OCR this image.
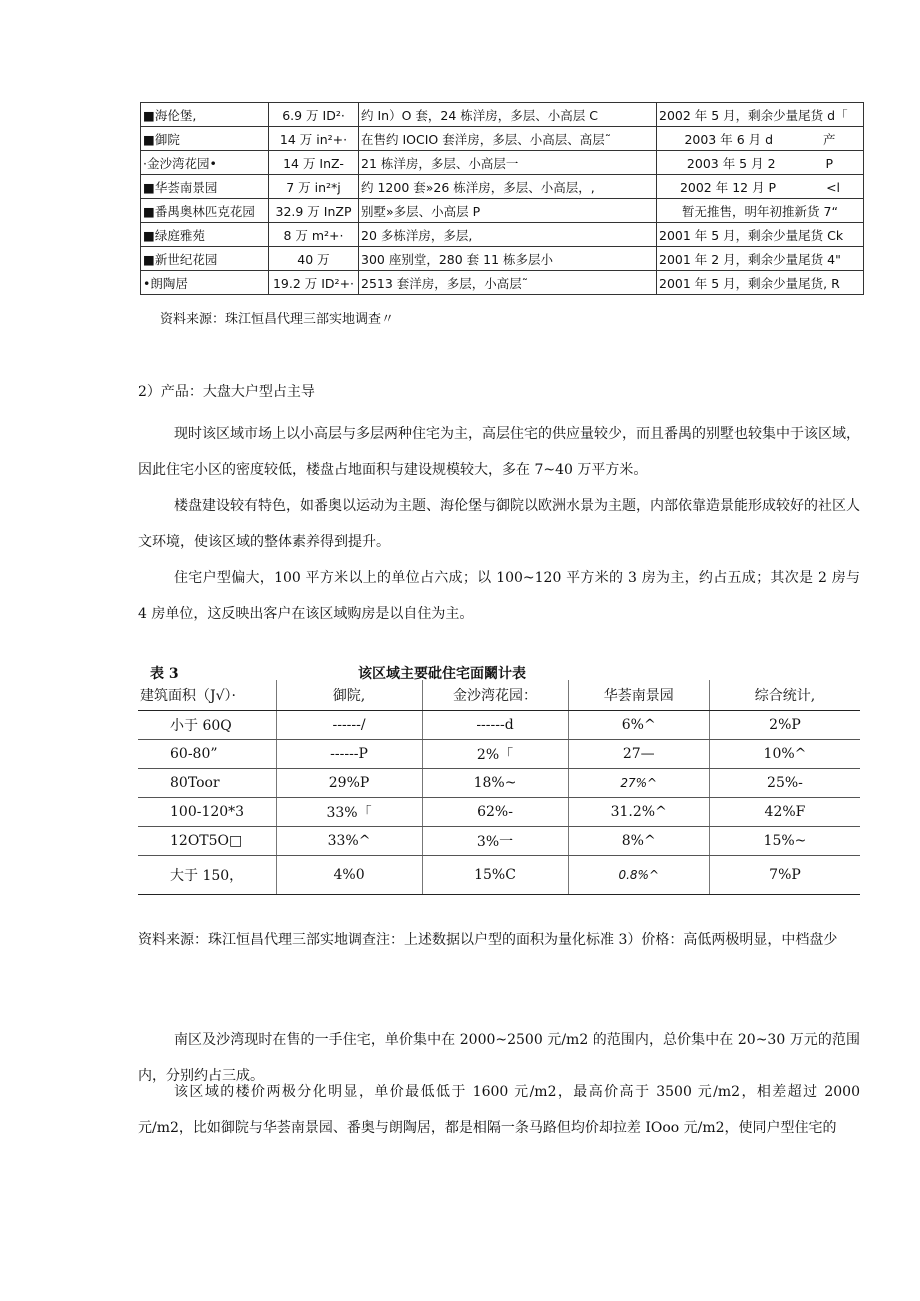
■海伦堡,	6.9 万 ID²·	约 In）O 套，24 栋洋房，多层、小高层 C	2002 年 5 月，剩余少量尾货 d「
■御院	14 万 in²+·	在售约 IOCIO 套洋房，多层、小高层、高层˜	2003 年 6 月 d　　　　产
·金沙湾花园•	14 万 InZ-	21 栋洋房，多层、小高层一	2003 年 5 月 2　　　　P
■华荟南景园	7 万 in²*j	约 1200 套»26 栋洋房，多层、小高层，,	2002 年 12 月 P　　　　<l
■番禺奥林匹克花园	32.9 万 InZP	别墅»多层、小高层 P	暂无推售，明年初推新货 7“
■绿庭雅苑	8 万 m²+·	20 多栋洋房，多层,	2001 年 5 月，剩余少量尾货 Ck
■新世纪花园	40 万	300 座别堂，280 套 11 栋多层小	2001 年 2 月，剩余少量尾货 4"
•朗陶居	19.2 万 ID²+·	2513 套洋房，多层，小高层˜	2001 年 5 月，剩余少量尾货, R
资料来源：珠江恒昌代理三部实地调查〃
2）产品：大盘大户型占主导

现时该区域市场上以小高层与多层两种住宅为主，高层住宅的供应量较少，而且番禺的别墅也较集中于该区域，因此住宅小区的密度较低，楼盘占地面积与建设规模较大，多在 7~40 万平方米。

楼盘建设较有特色，如番奥以运动为主题、海伦堡与御院以欧洲水景为主题，内部依靠造景能形成较好的社区人文环境，使该区域的整体素养得到提升。

住宅户型偏大，100 平方米以上的单位占六成；以 100~120 平方米的 3 房为主，约占五成；其次是 2 房与 4 房单位，这反映出客户在该区域购房是以自住为主。

表 3	该区域主要砒住宅面鬫计表
建筑面积（J√）·	御院,	金沙湾花园：	华荟南景园	综合统计,
小于 60Q	------/	------d	6%^	2%P
60-80”	------P	2%「	27—	10%^
80Toor	29%P	18%~	27%^	25%-
100-120*3	33%「	62%-	31.2%^	42%F
12OT5O□	33%^	3%一	8%^	15%~
大于 150，	4%0	15%C	0.8%^	7%P

资料来源：珠江恒昌代理三部实地调查注：上述数据以户型的面积为量化标准 3）价格：高低两极明显，中档盘少

南区及沙湾现时在售的一手住宅，单价集中在 2000~2500 元/m2 的范围内，总价集中在 20~30 万元的范围内，分别约占三成。

该区域的楼价两极分化明显，单价最低低于 1600 元/m2，最高价高于 3500 元/m2，相差超过 2000 元/m2，比如御院与华荟南景园、番奥与朗陶居，都是相隔一条马路但均价却拉差 IOoo 元/m2，使同户型住宅的
